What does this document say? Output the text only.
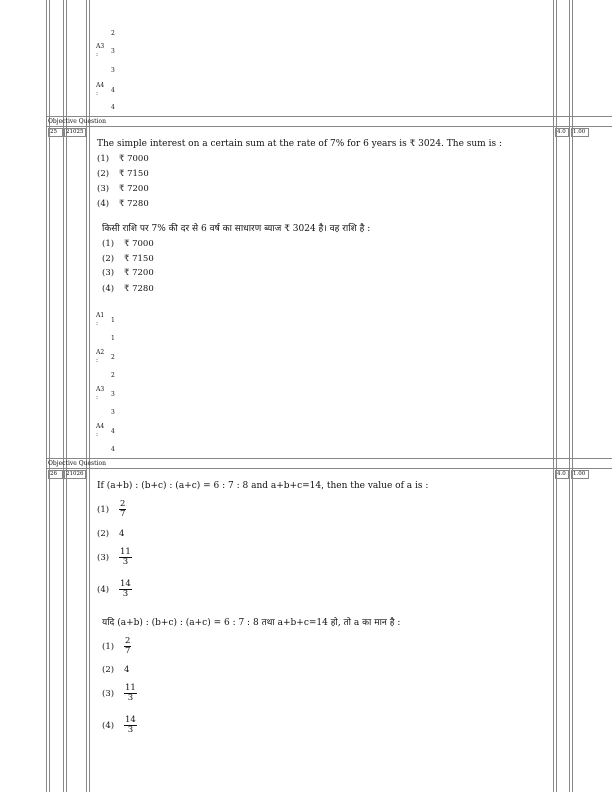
2
A3
: 3
3
A4
: 4
4
Objective Question
25	21025	4.0	1.00
The simple interest on a certain sum at the rate of 7% for 6 years is ₹ 3024. The sum is :
(1) ₹ 7000
(2) ₹ 7150
(3) ₹ 7200
(4) ₹ 7280
किसी राशि पर 7% की दर से 6 वर्ष का साधारण ब्याज ₹ 3024 है। वह राशि है :
(1) ₹ 7000
(2) ₹ 7150
(3) ₹ 7200
(4) ₹ 7280
A1
: 1
1
A2
: 2
2
A3
: 3
3
A4
: 4
4
Objective Question
26	21026	4.0	1.00
If (a+b) : (b+c) : (a+c) = 6 : 7 : 8 and a+b+c=14, then the value of a is :
$(1) \frac{2}{7}$
(2) 4
$(3) \frac{11}{3}$
$(4) \frac{14}{3}$
यदि (a+b) : (b+c) : (a+c) = 6 : 7 : 8 तथा a+b+c=14 हो, तो a का मान है :
$(1) \frac{2}{7}$
(2) 4
$(3) \frac{11}{3}$
$(4) \frac{14}{3}$
